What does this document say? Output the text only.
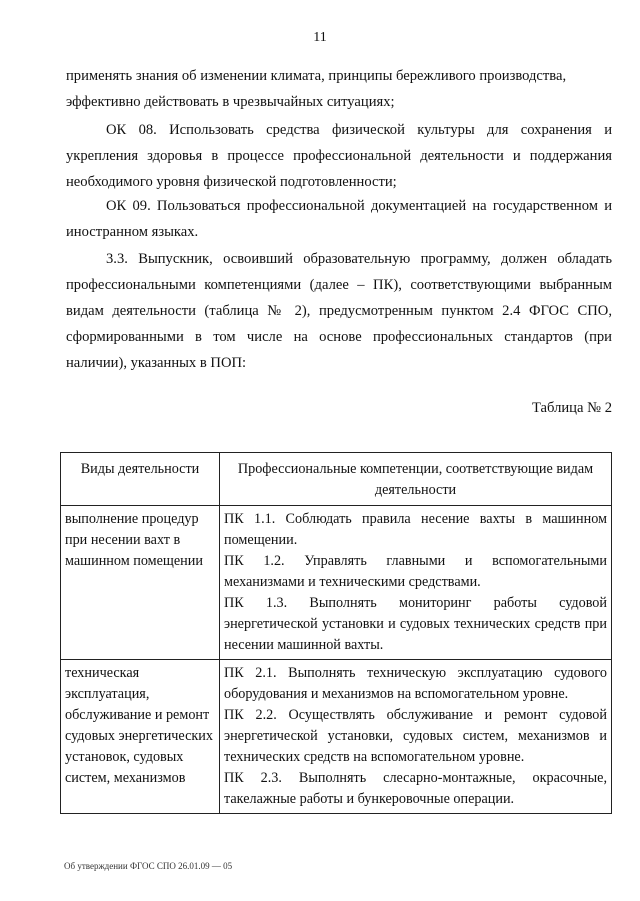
11

применять знания об изменении климата, принципы бережливого производства, эффективно действовать в чрезвычайных ситуациях;

ОК 08. Использовать средства физической культуры для сохранения и укрепления здоровья в процессе профессиональной деятельности и поддержания необходимого уровня физической подготовленности;

ОК 09. Пользоваться профессиональной документацией на государственном и иностранном языках.

3.3. Выпускник, освоивший образовательную программу, должен обладать профессиональными компетенциями (далее – ПК), соответствующими выбранным видам деятельности (таблица № 2), предусмотренным пунктом 2.4 ФГОС СПО, сформированными в том числе на основе профессиональных стандартов (при наличии), указанных в ПОП:

Таблица № 2
Виды деятельности	Профессиональные компетенции, соответствующие видам деятельности
выполнение процедур при несении вахт в машинном помещении	ПК 1.1. Соблюдать правила несение вахты в машинном помещении.

ПК 1.2. Управлять главными и вспомогательными механизмами и техническими средствами.

ПК 1.3. Выполнять мониторинг работы судовой энергетической установки и судовых технических средств при несении машинной вахты.

техническая эксплуатация, обслуживание и ремонт судовых энергетических установок, судовых систем, механизмов	ПК 2.1. Выполнять техническую эксплуатацию судового оборудования и механизмов на вспомогательном уровне.

ПК 2.2. Осуществлять обслуживание и ремонт судовой энергетической установки, судовых систем, механизмов и технических средств на вспомогательном уровне.

ПК 2.3. Выполнять слесарно-монтажные, окрасочные, такелажные работы и бункеровочные операции.

Об утверждении ФГОС СПО 26.01.09 — 05
